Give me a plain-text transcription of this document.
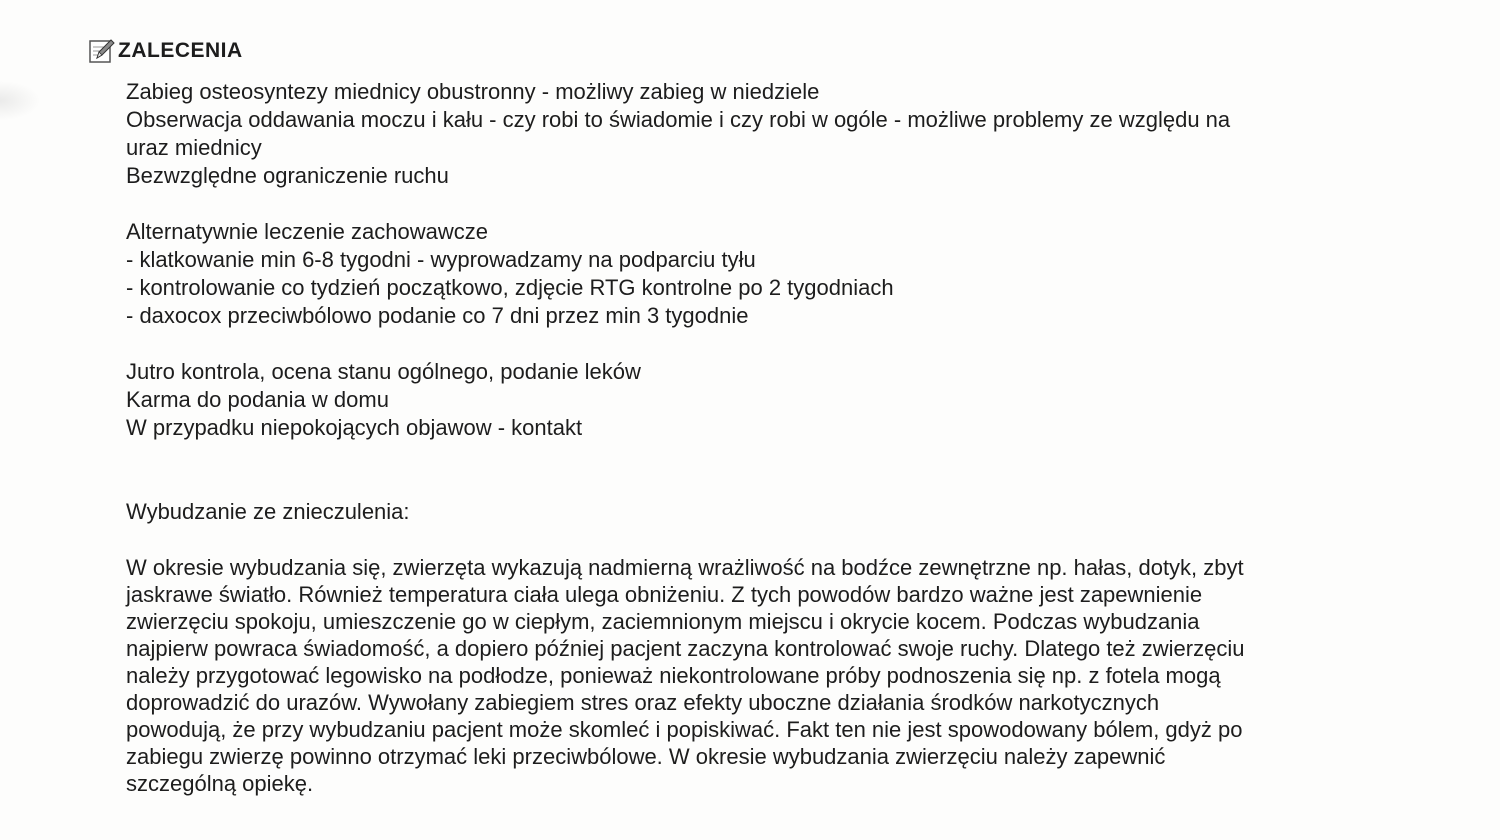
ZALECENIA
Zabieg osteosyntezy miednicy obustronny - możliwy zabieg w niedziele
Obserwacja oddawania moczu i kału - czy robi to świadomie i czy robi w ogóle - możliwe problemy ze względu na
uraz miednicy
Bezwzględne ograniczenie ruchu
Alternatywnie leczenie zachowawcze
- klatkowanie min 6-8 tygodni - wyprowadzamy na podparciu tyłu
- kontrolowanie co tydzień początkowo, zdjęcie RTG kontrolne po 2 tygodniach
- daxocox przeciwbólowo podanie co 7 dni przez min 3 tygodnie
Jutro kontrola, ocena stanu ogólnego, podanie leków
Karma do podania w domu
W przypadku niepokojących objawow - kontakt
Wybudzanie ze znieczulenia:
W okresie wybudzania się, zwierzęta wykazują nadmierną wrażliwość na bodźce zewnętrzne np. hałas, dotyk, zbyt
jaskrawe światło. Również temperatura ciała ulega obniżeniu. Z tych powodów bardzo ważne jest zapewnienie
zwierzęciu spokoju, umieszczenie go w ciepłym, zaciemnionym miejscu i okrycie kocem. Podczas wybudzania
najpierw powraca świadomość, a dopiero później pacjent zaczyna kontrolować swoje ruchy. Dlatego też zwierzęciu
należy przygotować legowisko na podłodze, ponieważ niekontrolowane próby podnoszenia się np. z fotela mogą
doprowadzić do urazów. Wywołany zabiegiem stres oraz efekty uboczne działania środków narkotycznych
powodują, że przy wybudzaniu pacjent może skomleć i popiskiwać. Fakt ten nie jest spowodowany bólem, gdyż po
zabiegu zwierzę powinno otrzymać leki przeciwbólowe. W okresie wybudzania zwierzęciu należy zapewnić
szczególną opiekę.
